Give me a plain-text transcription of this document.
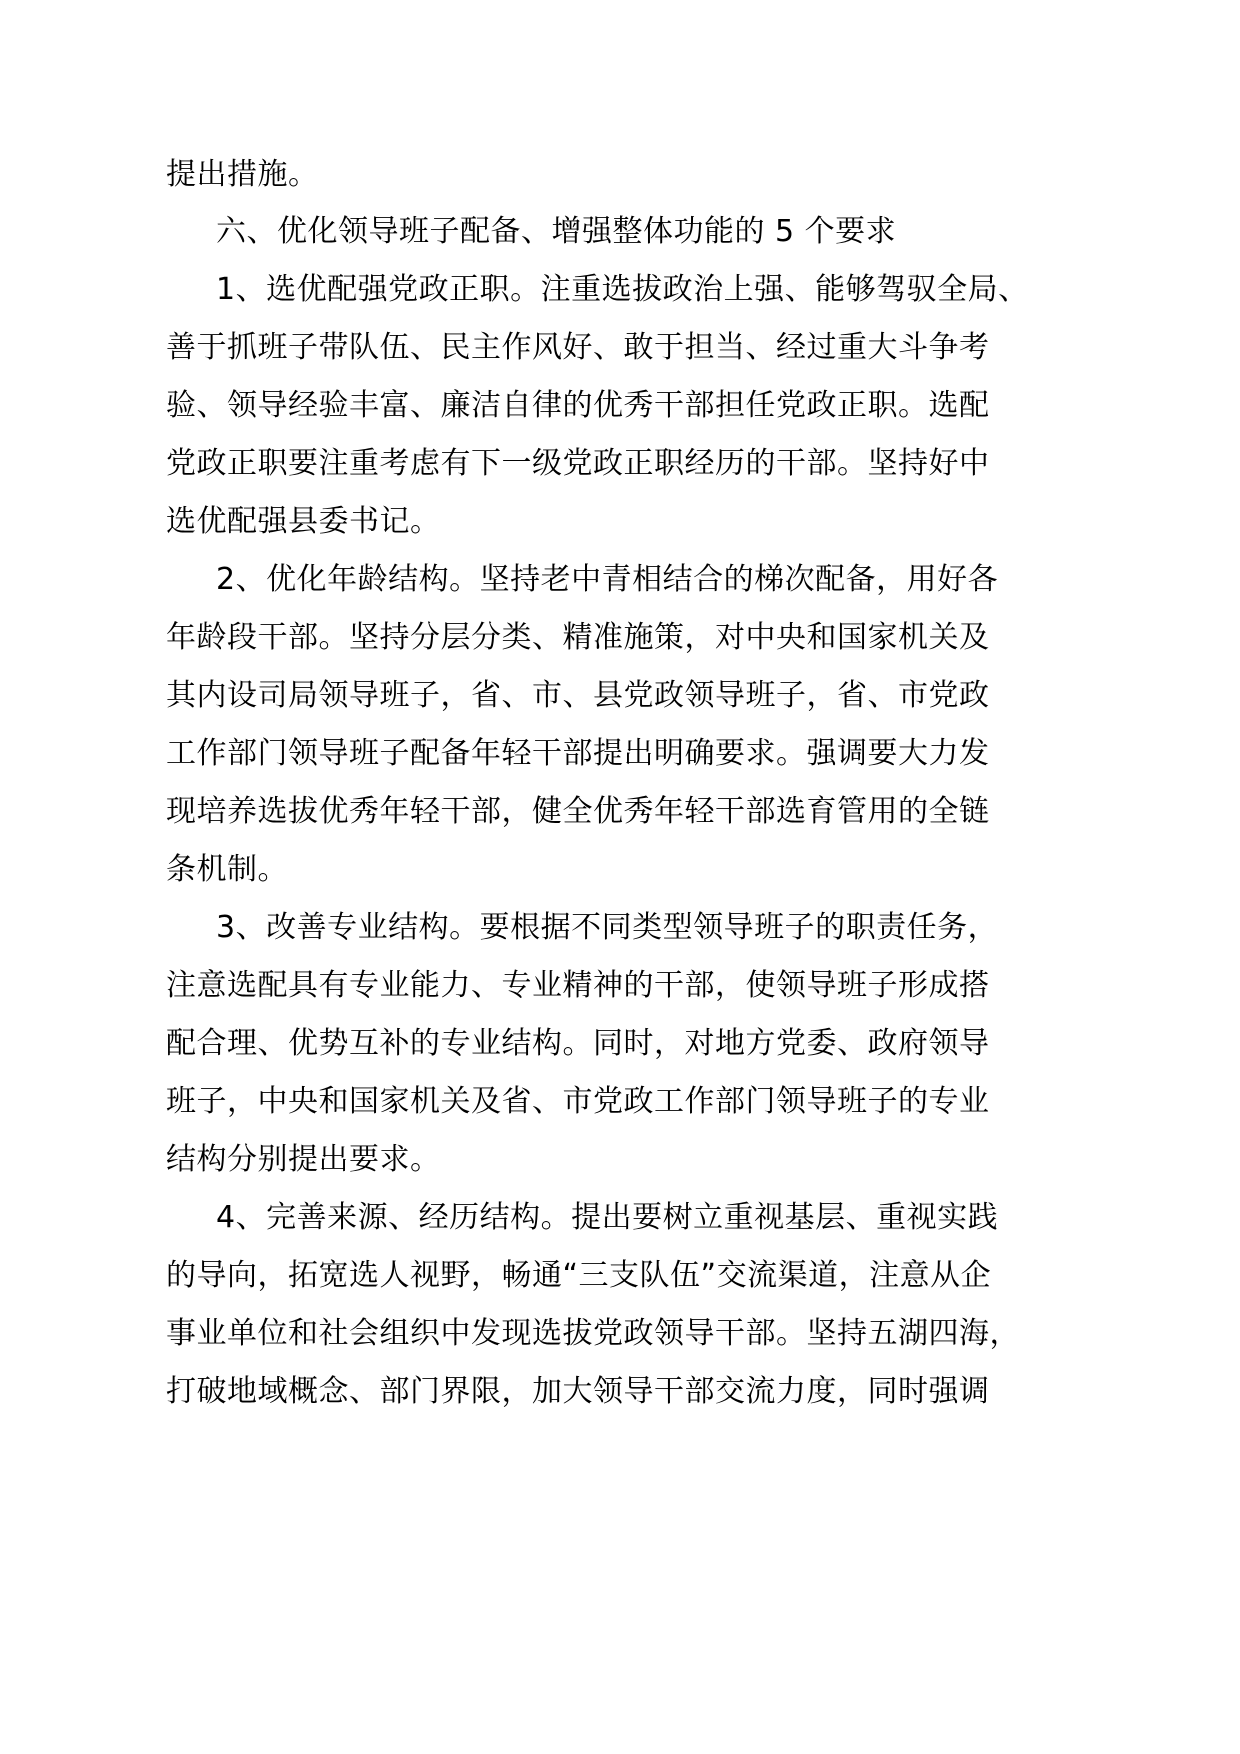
提出措施。
六、优化领导班子配备、增强整体功能的 5 个要求
1、选优配强党政正职。注重选拔政治上强、能够驾驭全局、
善于抓班子带队伍、民主作风好、敢于担当、经过重大斗争考
验、领导经验丰富、廉洁自律的优秀干部担任党政正职。选配
党政正职要注重考虑有下一级党政正职经历的干部。坚持好中
选优配强县委书记。
2、优化年龄结构。坚持老中青相结合的梯次配备，用好各
年龄段干部。坚持分层分类、精准施策，对中央和国家机关及
其内设司局领导班子，省、市、县党政领导班子，省、市党政
工作部门领导班子配备年轻干部提出明确要求。强调要大力发
现培养选拔优秀年轻干部，健全优秀年轻干部选育管用的全链
条机制。
3、改善专业结构。要根据不同类型领导班子的职责任务，
注意选配具有专业能力、专业精神的干部，使领导班子形成搭
配合理、优势互补的专业结构。同时，对地方党委、政府领导
班子，中央和国家机关及省、市党政工作部门领导班子的专业
结构分别提出要求。
4、完善来源、经历结构。提出要树立重视基层、重视实践
的导向，拓宽选人视野，畅通“三支队伍”交流渠道，注意从企
事业单位和社会组织中发现选拔党政领导干部。坚持五湖四海，
打破地域概念、部门界限，加大领导干部交流力度，同时强调
